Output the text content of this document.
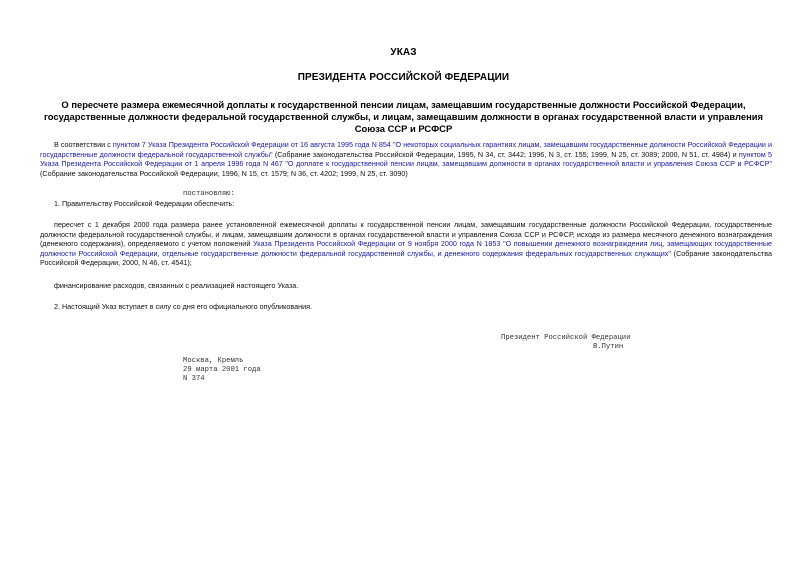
УКАЗ
ПРЕЗИДЕНТА РОССИЙСКОЙ ФЕДЕРАЦИИ
О пересчете размера ежемесячной доплаты к государственной пенсии лицам, замещавшим государственные должности Российской Федерации, государственные должности федеральной государственной службы, и лицам, замещавшим должности в органах государственной власти и управления Союза ССР и РСФСР
В соответствии с пунктом 7 Указа Президента Российской Федерации от 16 августа 1995 года N 854 "О некоторых социальных гарантиях лицам, замещавшим государственные должности Российской Федерации и государственные должности федеральной государственной службы" (Собрание законодательства Российской Федерации, 1995, N 34, ст. 3442; 1996, N 3, ст. 155; 1999, N 25, ст. 3089; 2000, N 51, ст. 4984) и пунктом 5 Указа Президента Российской Федерации от 1 апреля 1996 года N 467 "О доплате к государственной пенсии лицам, замещавшим должности в органах государственной власти и управления Союза ССР и РСФСР" (Собрание законодательства Российской Федерации, 1996, N 15, ст. 1579; N 36, ст. 4202; 1999, N 25, ст. 3090)
постановляю:
1. Правительству Российской Федерации обеспечить:
пересчет с 1 декабря 2000 года размера ранее установленной ежемесячной доплаты к государственной пенсии лицам, замещавшим государственные должности Российской Федерации, государственные должности федеральной государственной службы, и лицам, замещавшим должности в органах государственной власти и управления Союза ССР и РСФСР, исходя из размера месячного денежного вознаграждения (денежного содержания), определяемого с учетом положений Указа Президента Российской Федерации от 9 ноября 2000 года N 1853 "О повышении денежного вознаграждения лиц, замещающих государственные должности Российской Федерации, отдельные государственные должности федеральной государственной службы, и денежного содержания федеральных государственных служащих" (Собрание законодательства Российской Федерации, 2000, N 46, ст. 4541);
финансирование расходов, связанных с реализацией настоящего Указа.
2. Настоящий Указ вступает в силу со дня его официального опубликования.
Президент Российской Федерации
В.Путин
Москва, Кремль
29 марта 2001 года
N 374
